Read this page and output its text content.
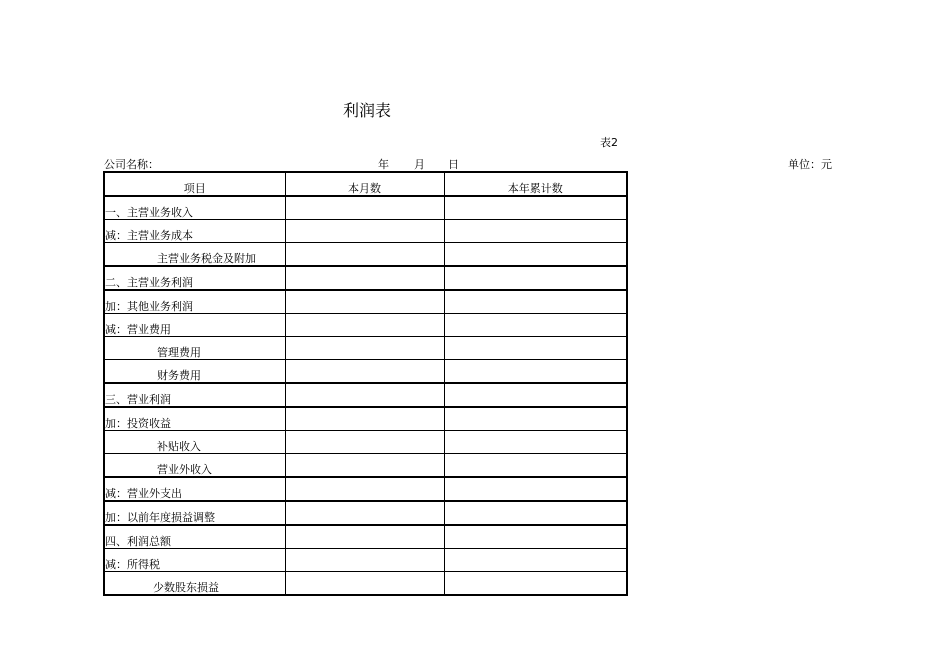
利润表
表2
公司名称：	年 月 日	单位：元
项目	本月数	本年累计数
一、主营业务收入		
减：主营业务成本		
主营业务税金及附加		
二、主营业务利润		
加：其他业务利润		
减：营业费用		
管理费用		
财务费用		
三、营业利润		
加：投资收益		
补贴收入		
营业外收入		
减：营业外支出		
加：以前年度损益调整		
四、利润总额		
减：所得税		
少数股东损益		
